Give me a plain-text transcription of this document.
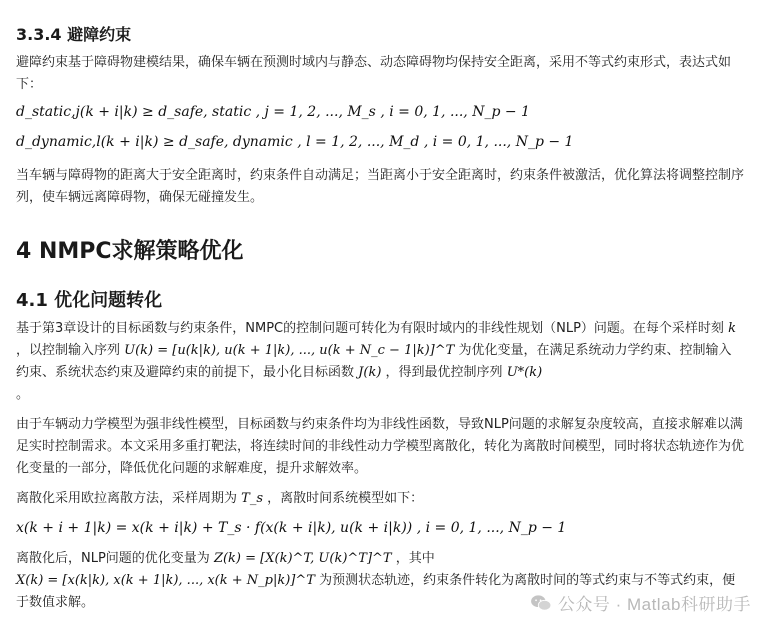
3.3.4 避障约束

避障约束基于障碍物建模结果，确保车辆在预测时域内与静态、动态障碍物均保持安全距离，采用不等式约束形式，表达式如下：

d_static,j(k + i|k) ≥ d_safe, static , j = 1, 2, ..., M_s , i = 0, 1, ..., N_p − 1
d_dynamic,l(k + i|k) ≥ d_safe, dynamic , l = 1, 2, ..., M_d , i = 0, 1, ..., N_p − 1

当车辆与障碍物的距离大于安全距离时，约束条件自动满足；当距离小于安全距离时，约束条件被激活，优化算法将调整控制序列，使车辆远离障碍物，确保无碰撞发生。

4 NMPC求解策略优化
4.1 优化问题转化

基于第3章设计的目标函数与约束条件，NMPC的控制问题可转化为有限时域内的非线性规划（NLP）问题。在每个采样时刻 k ，以控制输入序列 U(k) = [u(k|k), u(k + 1|k), ..., u(k + N_c − 1|k)]^T 为优化变量，在满足系统动力学约束、控制输入约束、系统状态约束及避障约束的前提下，最小化目标函数 J(k) ，得到最优控制序列 U*(k)
。

由于车辆动力学模型为强非线性模型，目标函数与约束条件均为非线性函数，导致NLP问题的求解复杂度较高，直接求解难以满足实时控制需求。本文采用多重打靶法，将连续时间的非线性动力学模型离散化，转化为离散时间模型，同时将状态轨迹作为优化变量的一部分，降低优化问题的求解难度，提升求解效率。

离散化采用欧拉离散方法，采样周期为 T_s ，离散时间系统模型如下：

x(k + i + 1|k) = x(k + i|k) + T_s · f(x(k + i|k), u(k + i|k)) , i = 0, 1, ..., N_p − 1

离散化后，NLP问题的优化变量为 Z(k) = [X(k)^T, U(k)^T]^T ，其中
X(k) = [x(k|k), x(k + 1|k), ..., x(k + N_p|k)]^T 为预测状态轨迹，约束条件转化为离散时间的等式约束与不等式约束，便于数值求解。	公众号 · Matlab科研助手
